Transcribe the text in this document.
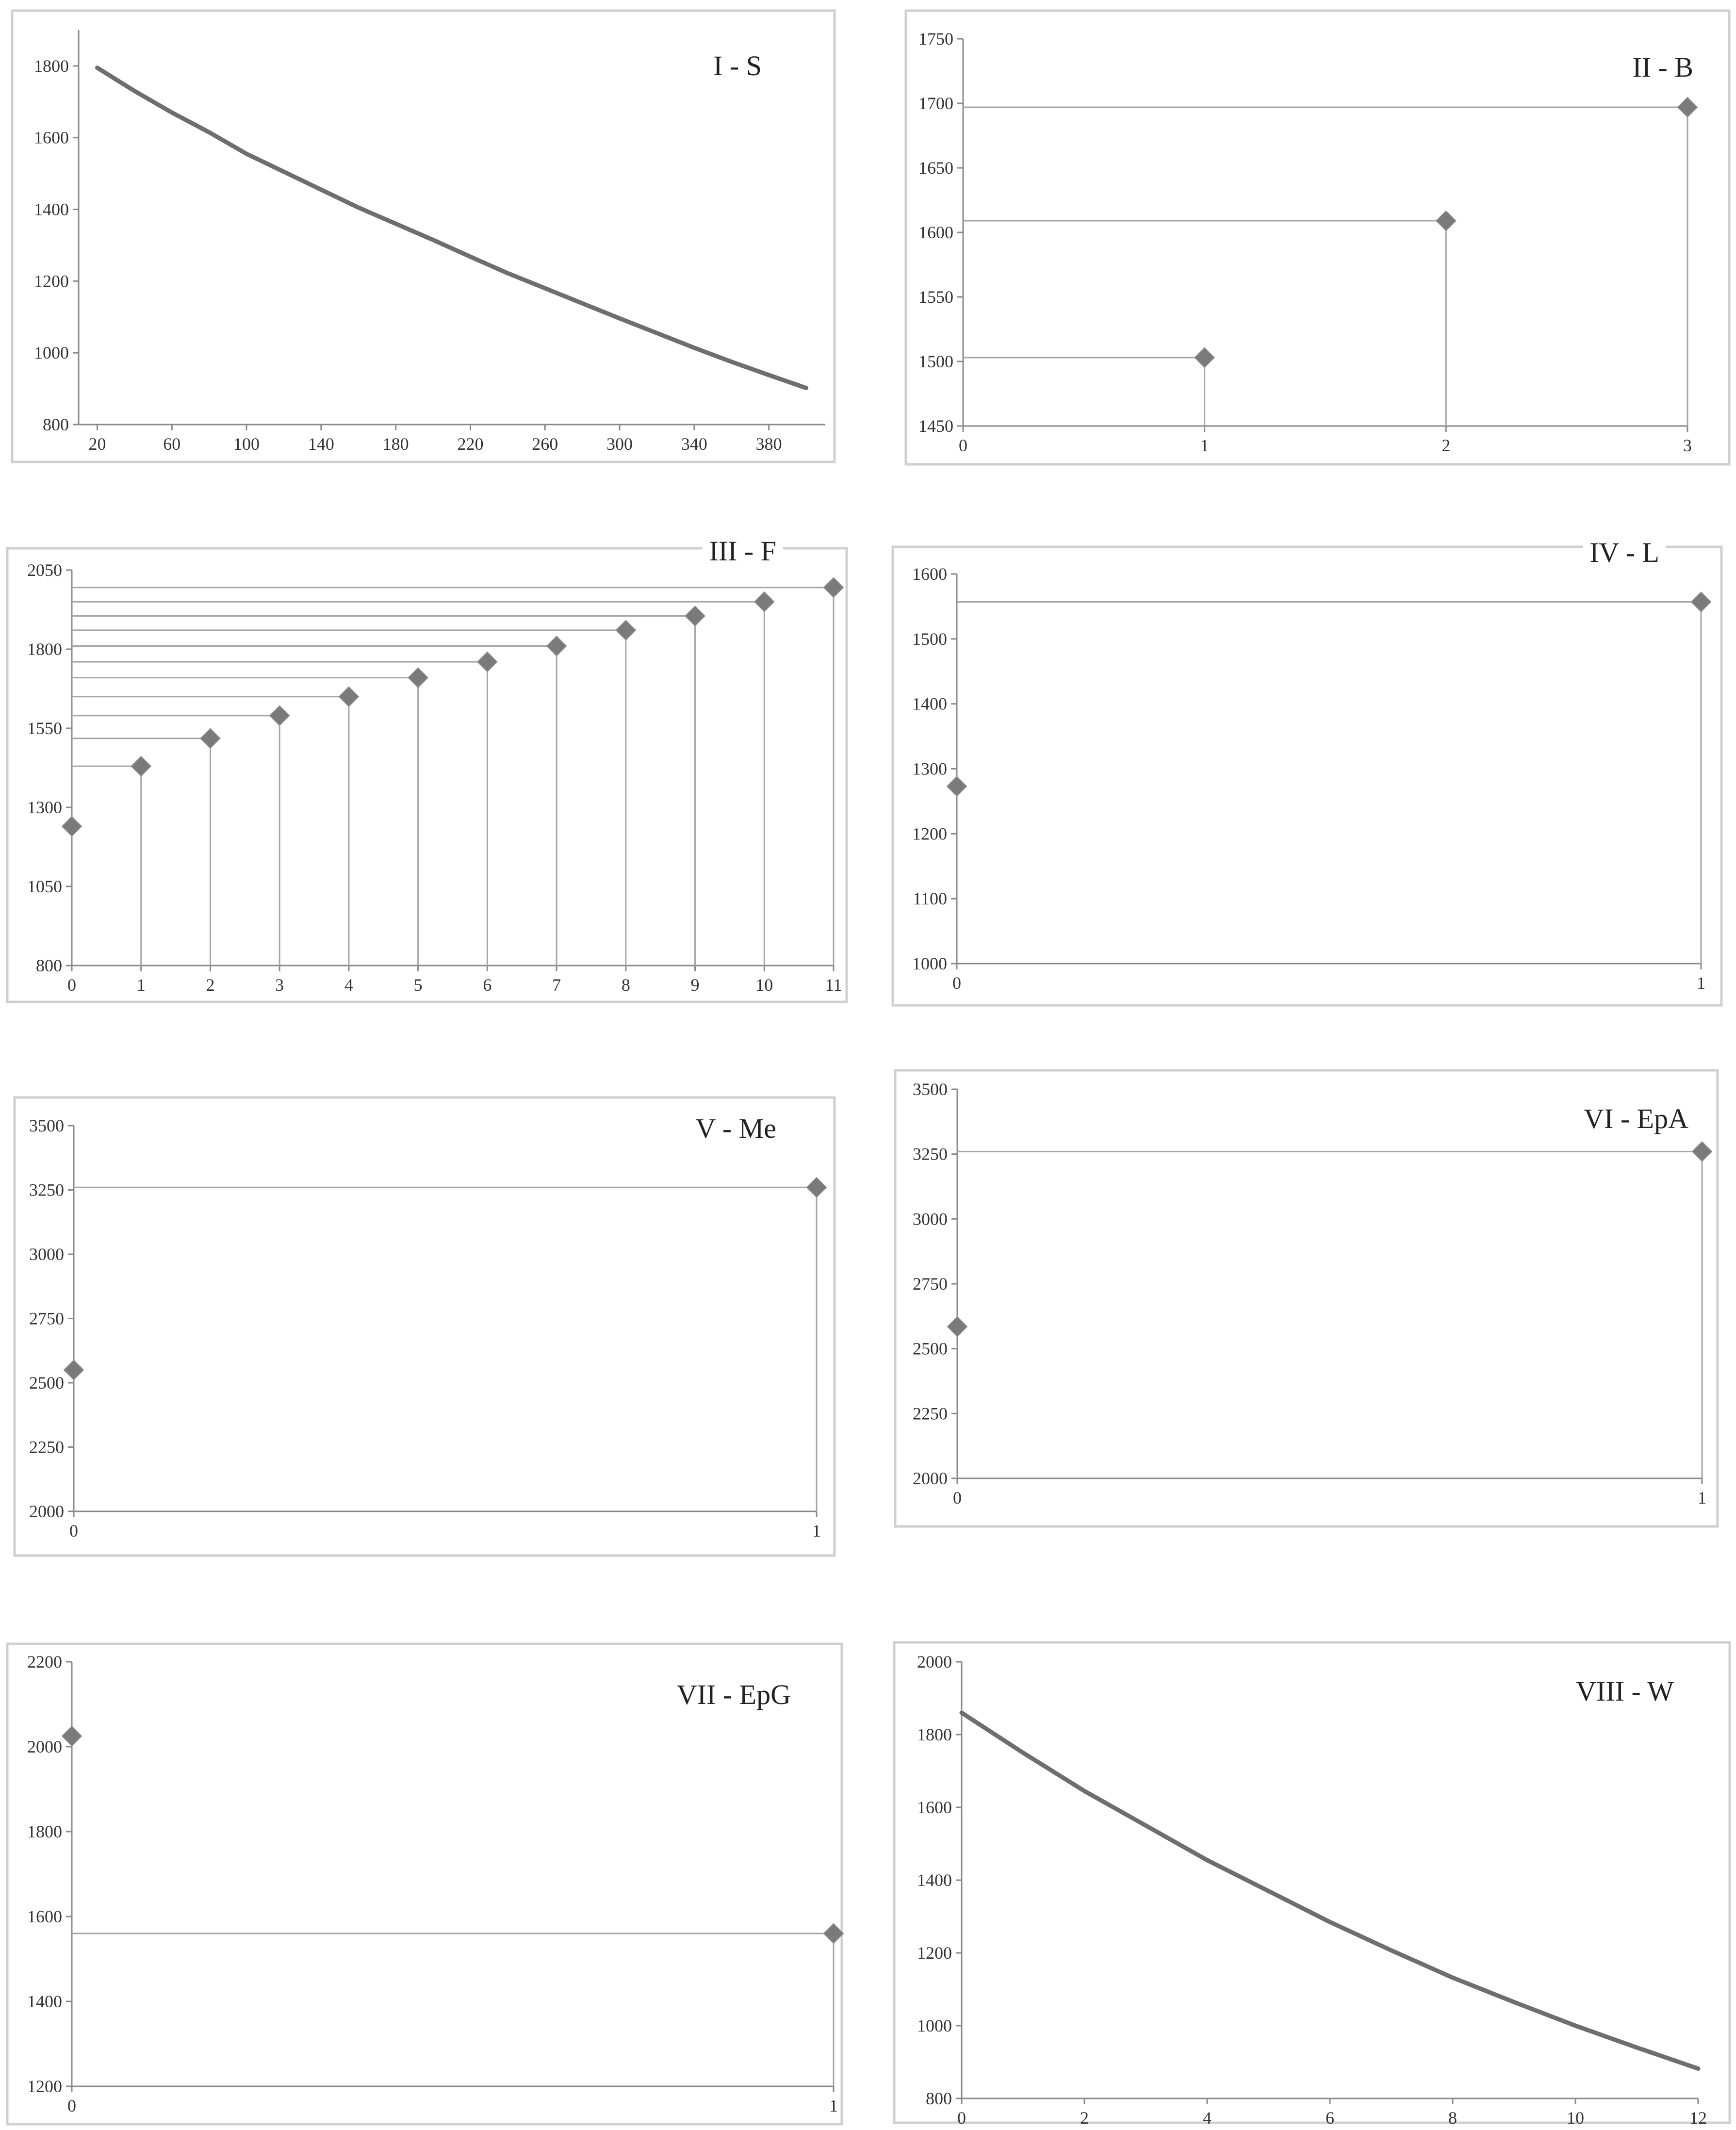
800
1000
1200
1400
1600
1800
20	60	100	140	180	220	260	300	340	380
I - S
1450
1500
1550
1600
1650
1700
1750
0	1	2	3
II - B
800
1050
1300
1550
1800
2050
0	1	2	3	4	5	6	7	8	9	10	11
III - F
1000
1100
1200
1300
1400
1500
1600
0	1
IV - L
2000
2250
2500
2750
3000
3250
3500
0	1
V - Me
2000
2250
2500
2750
3000
3250
3500
0	1
VI - EpA
1200
1400
1600
1800
2000
2200
0	1
VII - EpG
800
1000
1200
1400
1600
1800
2000
0	2	4	6	8	10	12
VIII - W
